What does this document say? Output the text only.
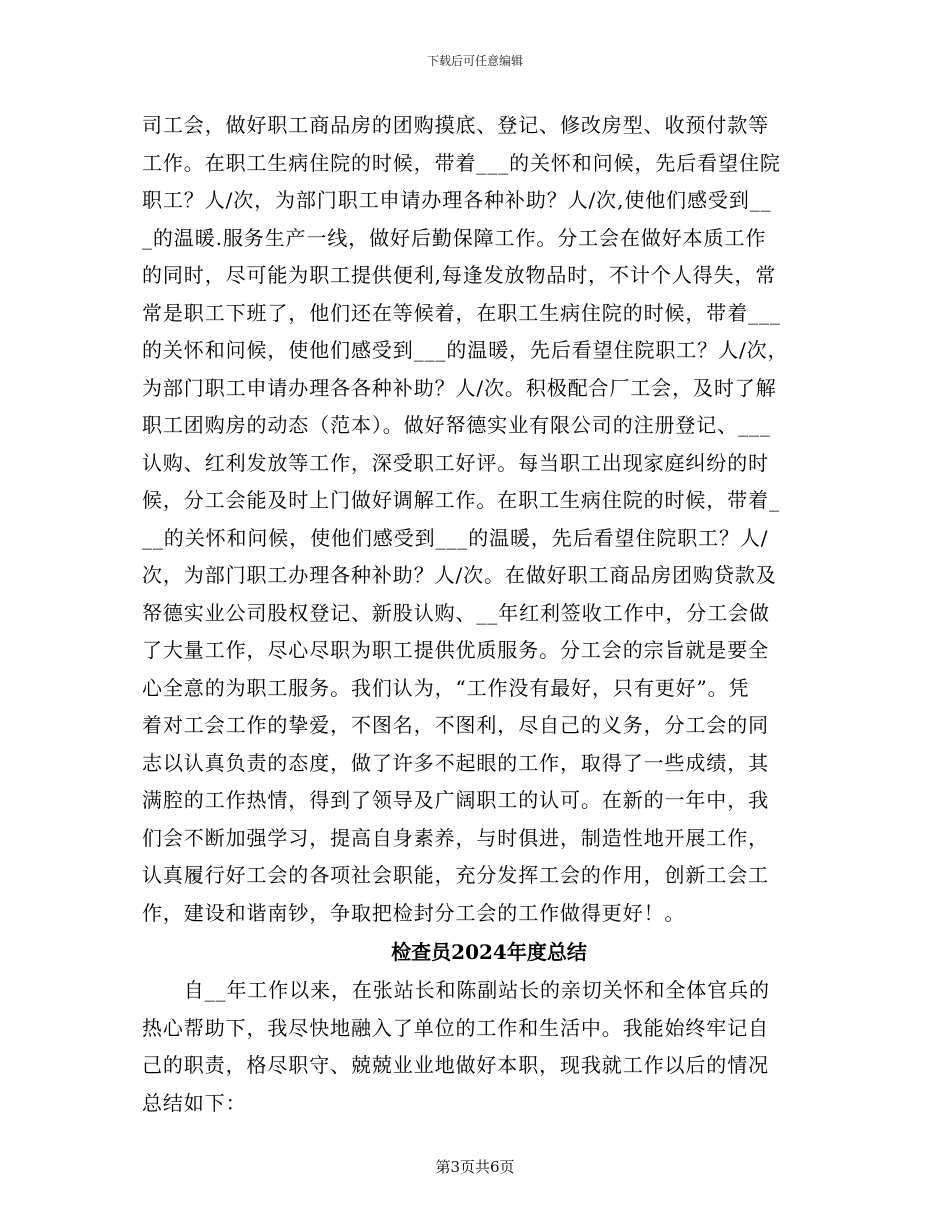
下载后可任意编辑
司工会，做好职工商品房的团购摸底、登记、修改房型、收预付款等
工作。在职工生病住院的时候，带着___的关怀和问候，先后看望住院
职工？人/次，为部门职工申请办理各种补助？人/次,使他们感受到__
_的温暖.服务生产一线，做好后勤保障工作。分工会在做好本质工作
的同时，尽可能为职工提供便利,每逢发放物品时，不计个人得失，常
常是职工下班了，他们还在等候着，在职工生病住院的时候，带着___
的关怀和问候，使他们感受到___的温暖，先后看望住院职工？人/次，
为部门职工申请办理各各种补助？人/次。积极配合厂工会，及时了解
职工团购房的动态（范本）。做好帑德实业有限公司的注册登记、___
认购、红利发放等工作，深受职工好评。每当职工出现家庭纠纷的时
候，分工会能及时上门做好调解工作。在职工生病住院的时候，带着_
__的关怀和问候，使他们感受到___的温暖，先后看望住院职工？人/
次，为部门职工办理各种补助？人/次。在做好职工商品房团购贷款及
帑德实业公司股权登记、新股认购、__年红利签收工作中，分工会做
了大量工作，尽心尽职为职工提供优质服务。分工会的宗旨就是要全
心全意的为职工服务。我们认为，“工作没有最好，只有更好”。凭
着对工会工作的挚爱，不图名，不图利，尽自己的义务，分工会的同
志以认真负责的态度，做了许多不起眼的工作，取得了一些成绩，其
满腔的工作热情，得到了领导及广阔职工的认可。在新的一年中，我
们会不断加强学习，提高自身素养，与时俱进，制造性地开展工作，
认真履行好工会的各项社会职能，充分发挥工会的作用，创新工会工
作，建设和谐南钞，争取把检封分工会的工作做得更好！。
检查员2024年度总结
　　自__年工作以来，在张站长和陈副站长的亲切关怀和全体官兵的
热心帮助下，我尽快地融入了单位的工作和生活中。我能始终牢记自
己的职责，格尽职守、兢兢业业地做好本职，现我就工作以后的情况
总结如下：
第3页共6页
